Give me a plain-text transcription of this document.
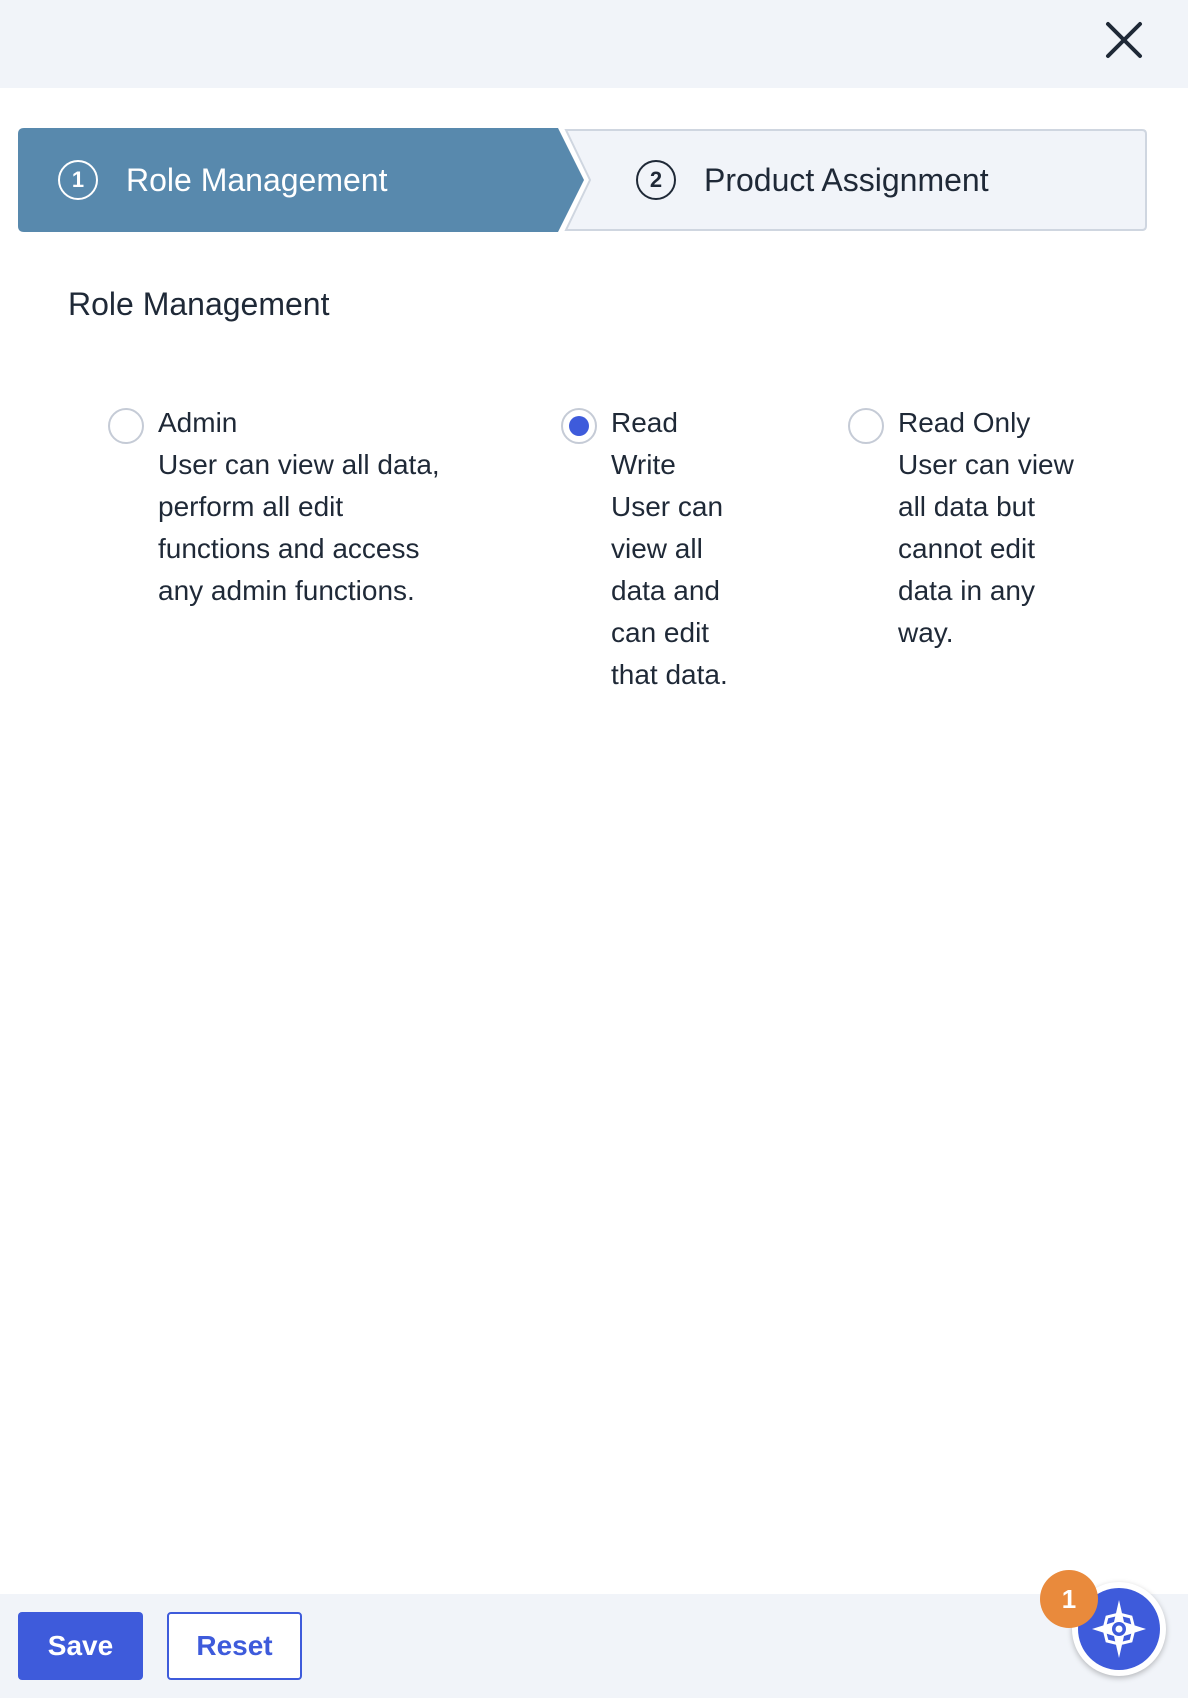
1	Role Management	2	Product Assignment
Role Management
Admin
User can view all data, perform all edit functions and access any admin functions.
Read Write
User can view all data and can edit that data.
Read Only
User can view all data but cannot edit data in any way.
Save	Reset
1
